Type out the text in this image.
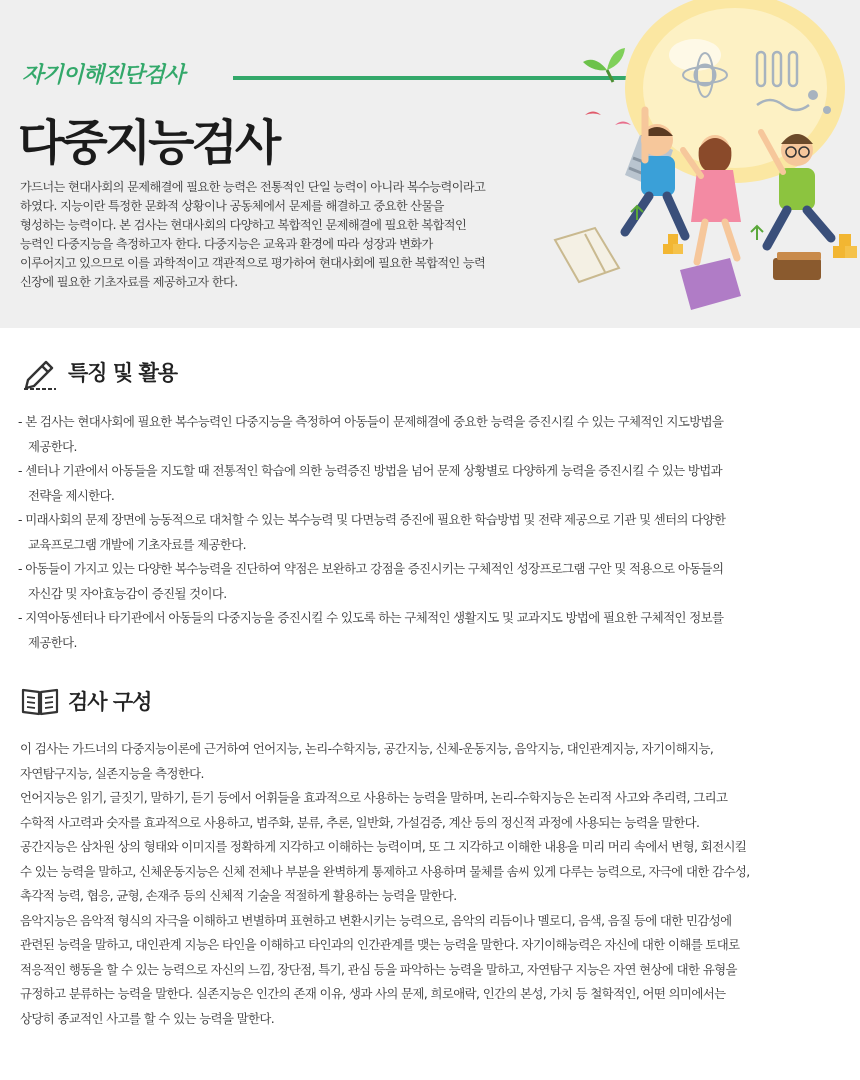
자기이해진단검사
다중지능검사

가드너는 현대사회의 문제해결에 필요한 능력은 전통적인 단일 능력이 아니라 복수능력이라고

하였다. 지능이란 특정한 문화적 상황이나 공동체에서 문제를 해결하고 중요한 산물을

형성하는 능력이다. 본 검사는 현대사회의 다양하고 복합적인 문제해결에 필요한 복합적인

능력인 다중지능을 측정하고자 한다. 다중지능은 교육과 환경에 따라 성장과 변화가

이루어지고 있으므로 이를 과학적이고 객관적으로 평가하여 현대사회에 필요한 복합적인 능력

신장에 필요한 기초자료를 제공하고자 한다.

특징 및 활용
- 본 검사는 현대사회에 필요한 복수능력인 다중지능을 측정하여 아동들이 문제해결에 중요한 능력을 증진시킬 수 있는 구체적인 지도방법을
제공한다.
- 센터나 기관에서 아동들을 지도할 때 전통적인 학습에 의한 능력증진 방법을 넘어 문제 상황별로 다양하게 능력을 증진시킬 수 있는 방법과
전략을 제시한다.
- 미래사회의 문제 장면에 능동적으로 대처할 수 있는 복수능력 및 다면능력 증진에 필요한 학습방법 및 전략 제공으로 기관 및 센터의 다양한
교육프로그램 개발에 기초자료를 제공한다.
- 아동들이 가지고 있는 다양한 복수능력을 진단하여 약점은 보완하고 강점을 증진시키는 구체적인 성장프로그램 구안 및 적용으로 아동들의
자신감 및 자아효능감이 증진될 것이다.
- 지역아동센터나 타기관에서 아동들의 다중지능을 증진시킬 수 있도록 하는 구체적인 생활지도 및 교과지도 방법에 필요한 구체적인 정보를
제공한다.
검사 구성

이 검사는 가드너의 다중지능이론에 근거하여 언어지능, 논리-수학지능, 공간지능, 신체-운동지능, 음악지능, 대인관계지능, 자기이해지능,

자연탐구지능, 실존지능을 측정한다.

언어지능은 읽기, 글짓기, 말하기, 듣기 등에서 어휘들을 효과적으로 사용하는 능력을 말하며, 논리-수학지능은 논리적 사고와 추리력, 그리고

수학적 사고력과 숫자를 효과적으로 사용하고, 범주화, 분류, 추론, 일반화, 가설검증, 계산 등의 정신적 과정에 사용되는 능력을 말한다.

공간지능은 삼차원 상의 형태와 이미지를 정확하게 지각하고 이해하는 능력이며, 또 그 지각하고 이해한 내용을 미리 머리 속에서 변형, 회전시킬

수 있는 능력을 말하고, 신체운동지능은 신체 전체나 부분을 완벽하게 통제하고 사용하며 물체를 솜씨 있게 다루는 능력으로, 자극에 대한 감수성,

촉각적 능력, 협응, 균형, 손재주 등의 신체적 기술을 적절하게 활용하는 능력을 말한다.

음악지능은 음악적 형식의 자극을 이해하고 변별하며 표현하고 변환시키는 능력으로, 음악의 리듬이나 멜로디, 음색, 음질 등에 대한 민감성에

관련된 능력을 말하고, 대인관계 지능은 타인을 이해하고 타인과의 인간관계를 맺는 능력을 말한다. 자기이해능력은 자신에 대한 이해를 토대로

적응적인 행동을 할 수 있는 능력으로 자신의 느낌, 장단점, 특기, 관심 등을 파악하는 능력을 말하고, 자연탐구 지능은 자연 현상에 대한 유형을

규정하고 분류하는 능력을 말한다. 실존지능은 인간의 존재 이유, 생과 사의 문제, 희로애락, 인간의 본성, 가치 등 철학적인, 어떤 의미에서는

상당히 종교적인 사고를 할 수 있는 능력을 말한다.
